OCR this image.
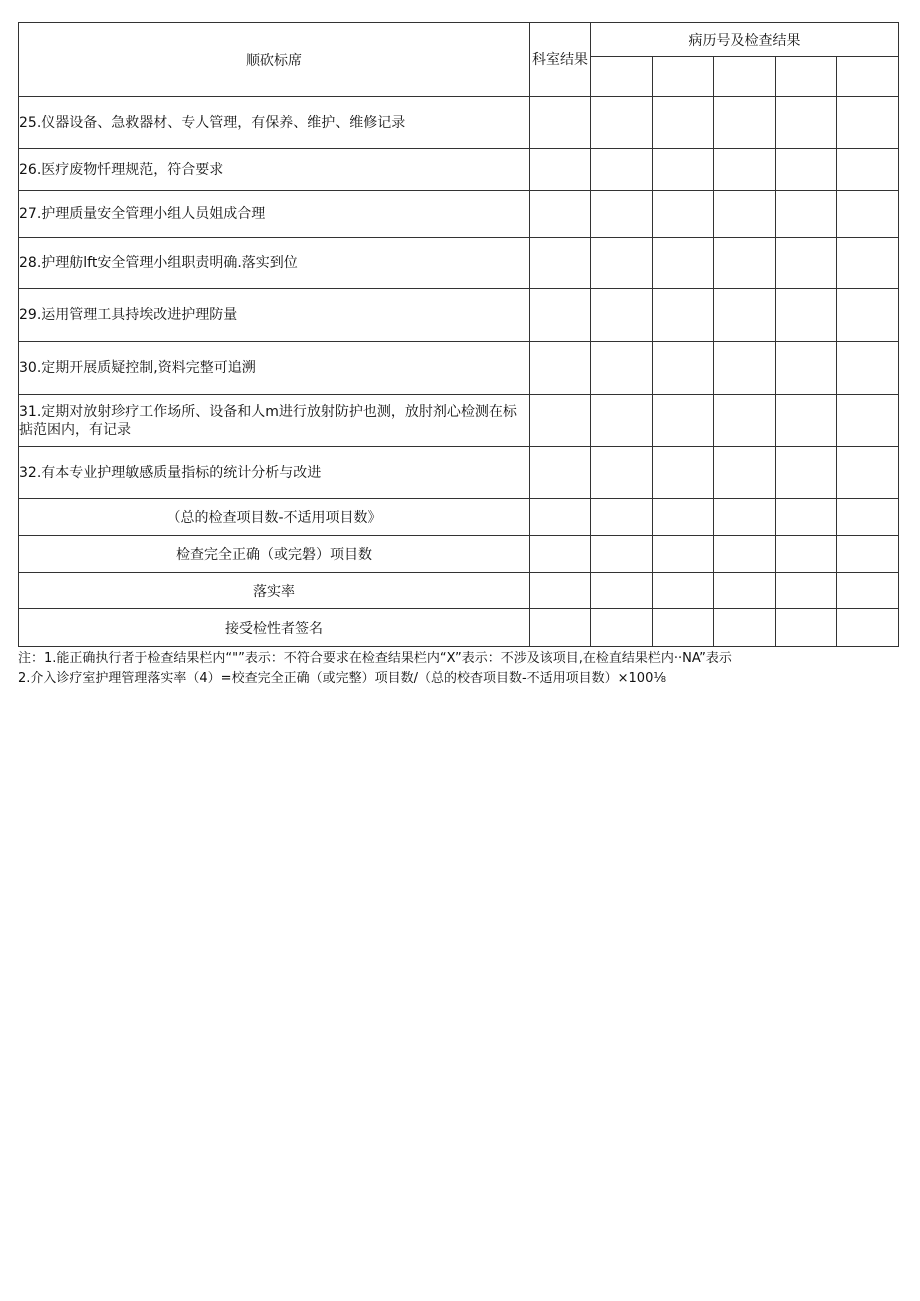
顺砍标席	科室结果	病历号及检查结果				

25.仪器设备、急救器材、专人管理，有保养、维护、维修记录						
26.医疗废物忏理规范，符合要求						
27.护理质量安全管理小组人员姐成合理						
28.护理舫lft安全管理小组职责明确.落实到位						
29.运用管理工具持埃改进护理防量						
30.定期开展质疑控制,资料完整可追溯						
31.定期对放射珍疗工作场所、设备和人m进行放射防护也测，放肘剂心检测在标掂范困内，有记录						
32.有本专业护理敏感质量指标的统计分析与改进						
（总的检查项目数-不适用项目数》						
检查完全正确（或完磐）项目数						
落实率						
接受检性者签名						
注：1.能正确执行者于检查结果栏内“"”表示：不符合要求在检查结果栏内“X”表示：不涉及该项目,在检直结果栏内··NA”表示
2.介入诊疗室护理管理落实率（4）=校查完全正确（或完整）项目数/（总的校杳项目数-不适用项目数）×100⅛
